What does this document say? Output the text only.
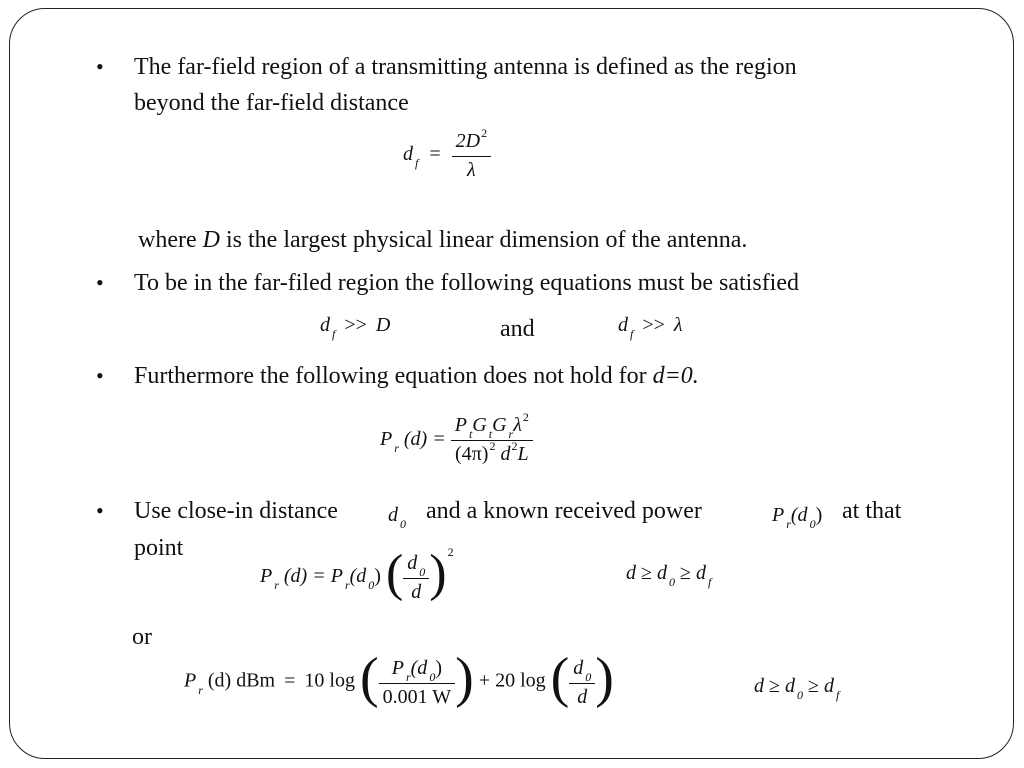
• The far-field region of a transmitting antenna is defined as the region
beyond the far-field distance
d $_f = \frac{2D^2}{\lambda}$
where D is the largest physical linear dimension of the antenna.
• To be in the far-filed region the following equations must be satisfied
d $_f$ >> D	and	d $_f$ >> λ
• Furthermore the following equation does not hold for d=0.
P $_r$ $(d) = \frac{P _tG _tG _r\lambda^2}{(4\pi)^2 d^2L}$
• Use close-in distance	d $_0$ and a known received power	P $_r$(d $_0$) at that
point
P $_r$ (d) = P $_r$(d $_0$) ( $\frac{d _0}{d} )^2$
d ≥ d $_0$ ≥ d $_f$
or
P $_r$ (d) dBm = 10 log ( $\frac{P _r(d _0)}{0.001 W}$ ) + 20 log ( $\frac{d _0}{d}$ )	d ≥ d $_0$ ≥ d $_f$
